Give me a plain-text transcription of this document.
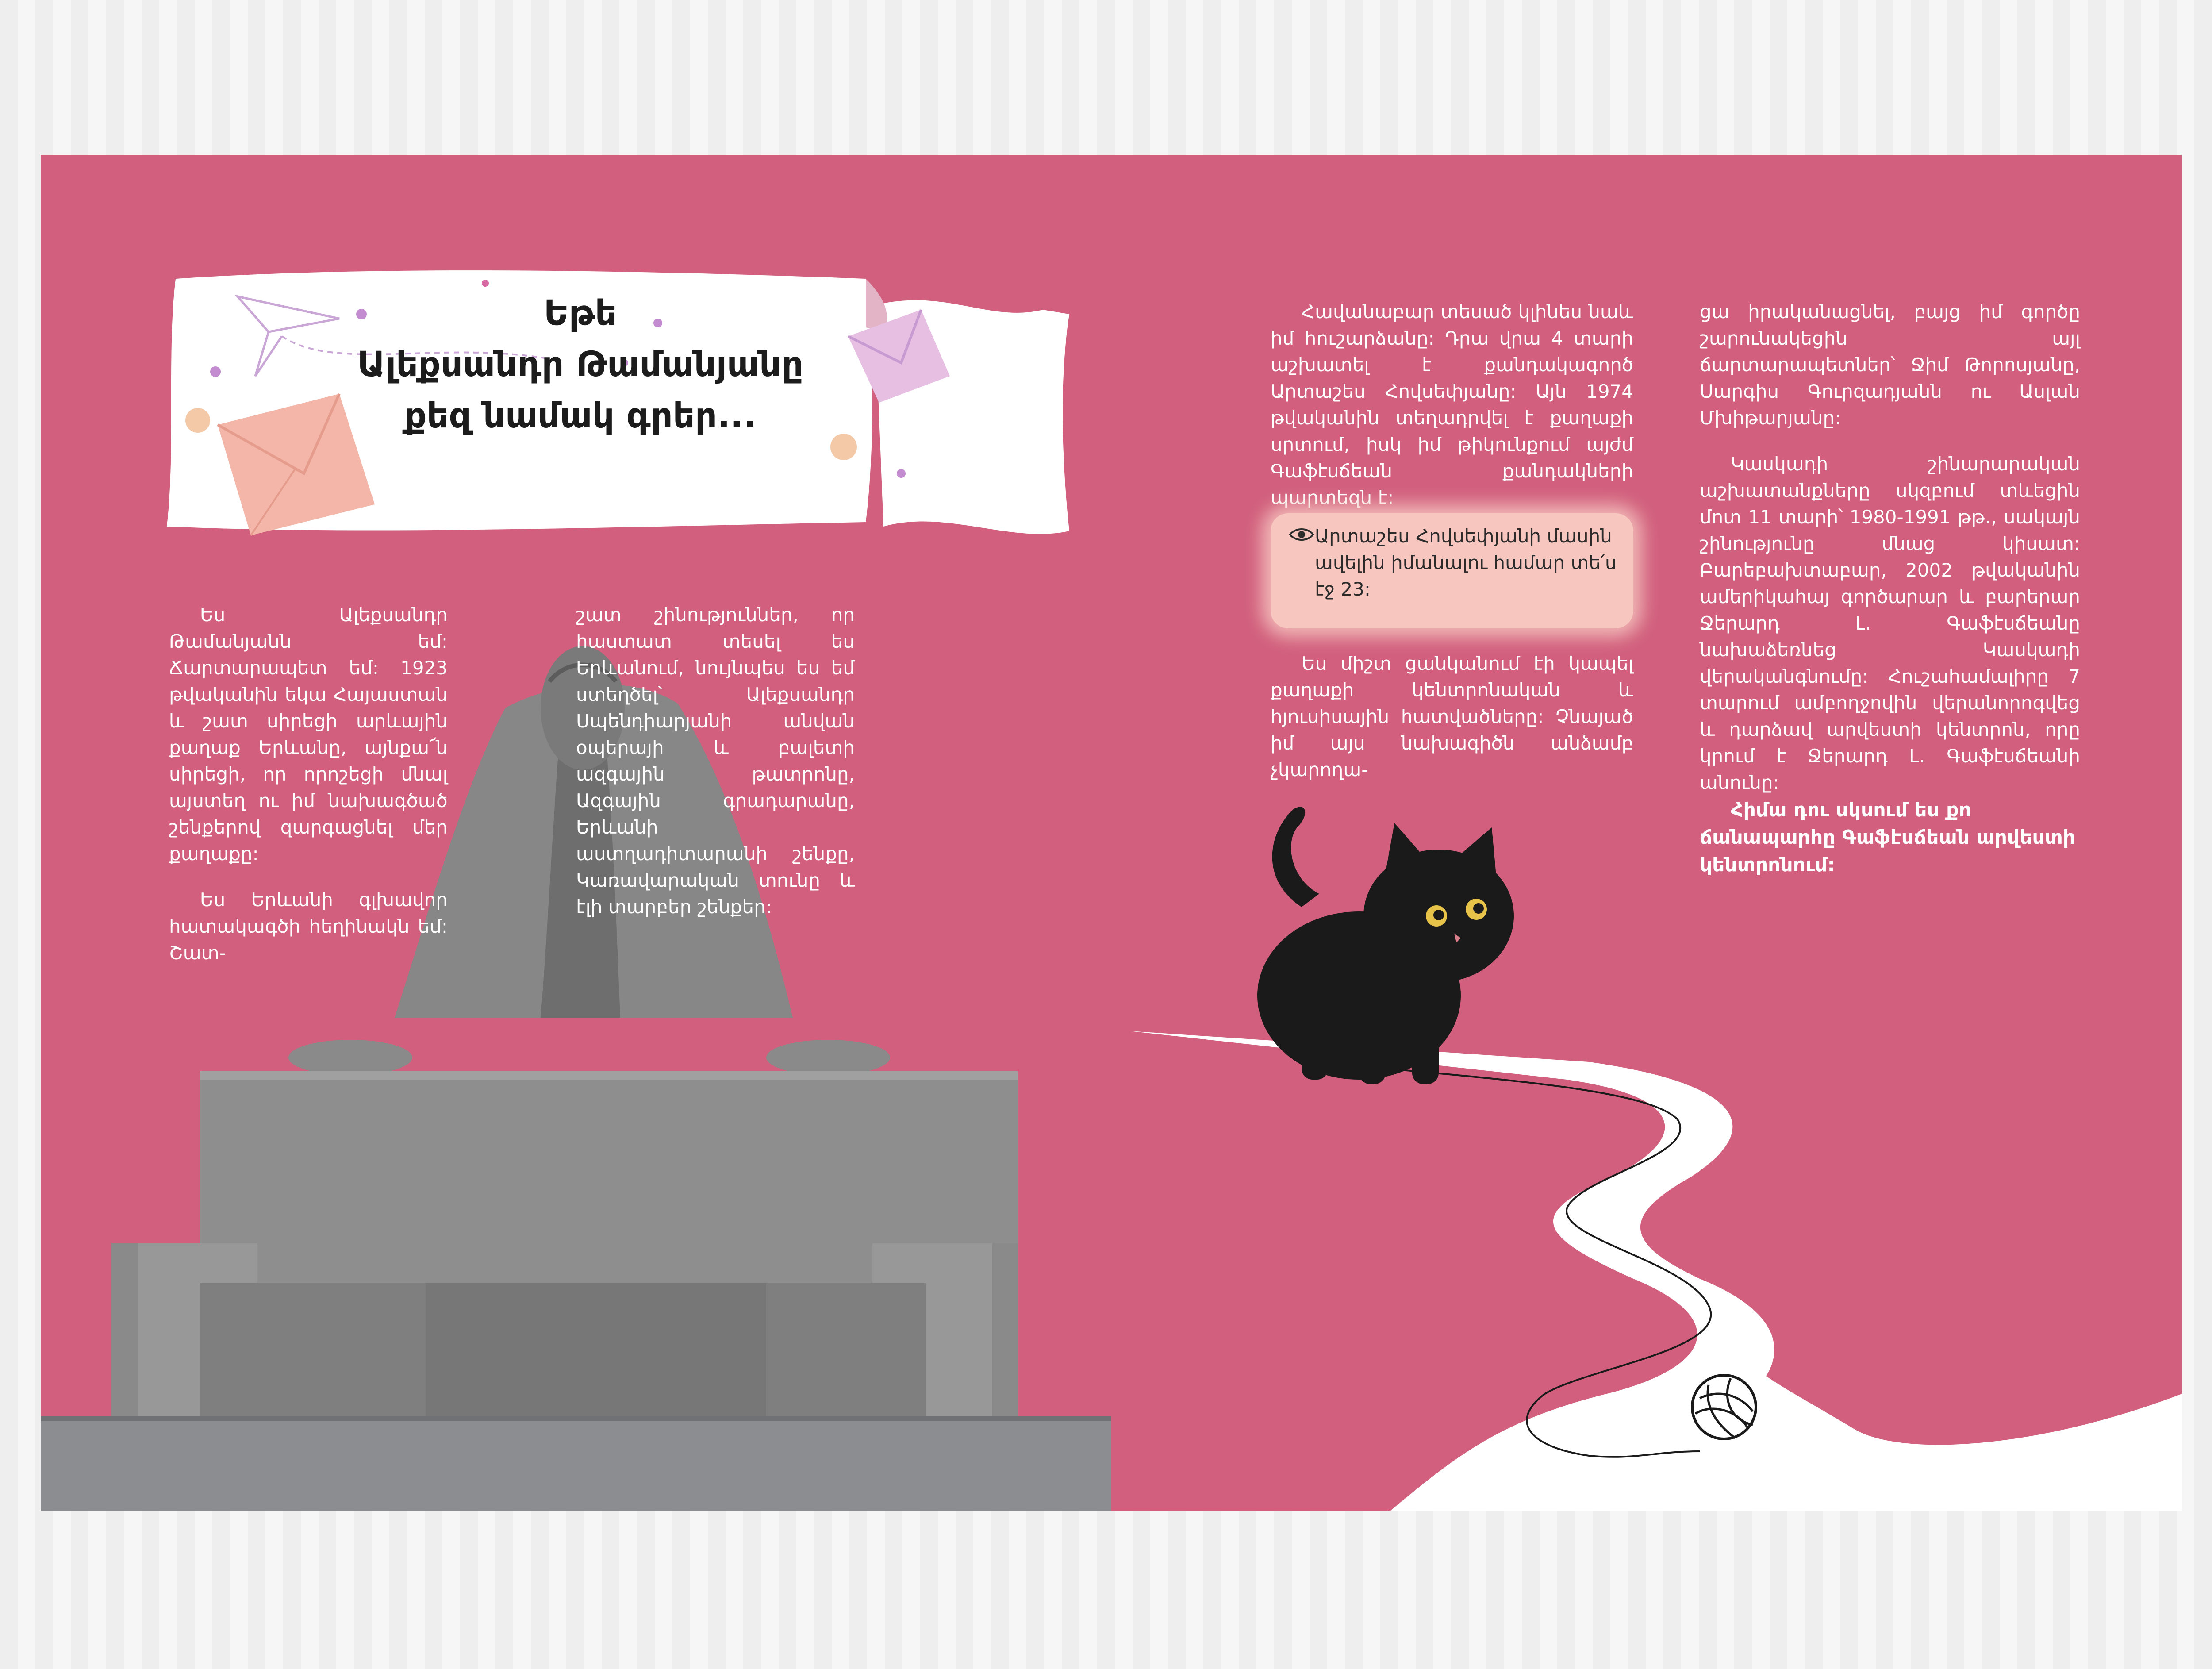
Եթե
Ալեքսանդր Թամանյանը
քեզ նամակ գրեր...

Ես Ալեքսանդր Թամանյանն եմ: Ճարտարապետ եմ: 1923 թվականին եկա Հայաստան և շատ սիրեցի արևային քաղաք Երևանը, այնքա՜ն սիրեցի, որ որոշեցի մնալ այստեղ ու իմ նախագծած շենքերով զարգացնել մեր քաղաքը:

Ես Երևանի գլխավոր հատակագծի հեղինակն եմ: Շատ-

շատ շինություններ, որ հաստատ տեսել ես Երևանում, նույնպես ես եմ ստեղծել՝ Ալեքսանդր Սպենդիարյանի անվան օպերայի և բալետի ազգային թատրոնը, Ազգային գրադարանը, Երևանի աստղադիտարանի շենքը, Կառավարական տունը և էլի տարբեր շենքեր:

Հավանաբար տեսած կլինես նաև իմ հուշարձանը: Դրա վրա 4 տարի աշխատել է քանդակագործ Արտաշես Հովսեփյանը: Այն 1974 թվականին տեղադրվել է քաղաքի սրտում, իսկ իմ թիկունքում այժմ Գաֆէսճեան քանդակների պարտեզն է:

Արտաշես Հովսեփյանի մասին ավելին իմանալու համար տե՛ս էջ 23:

Ես միշտ ցանկանում էի կապել քաղաքի կենտրոնական և հյուսիսային հատվածները: Չնայած իմ այս նախագիծն անձամբ չկարողա-

ցա իրականացնել, բայց իմ գործը շարունակեցին այլ ճարտարապետներ՝ Ջիմ Թորոսյանը, Սարգիս Գուրզադյանն ու Ասլան Մխիթարյանը:

Կասկադի շինարարական աշխատանքները սկզբում տևեցին մոտ 11 տարի՝ 1980-1991 թթ., սակայն շինությունը մնաց կիսատ: Բարեբախտաբար, 2002 թվականին ամերիկահայ գործարար և բարերար Ջերարդ Լ. Գաֆէսճեանը նախաձեռնեց Կասկադի վերականգնումը: Հուշահամալիրը 7 տարում ամբողջովին վերանորոգվեց և դարձավ արվեստի կենտրոն, որը կրում է Ջերարդ Լ. Գաֆէսճեանի անունը:

Հիմա դու սկսում ես քո ճանապարհը Գաֆէսճեան արվեստի կենտրոնում:
